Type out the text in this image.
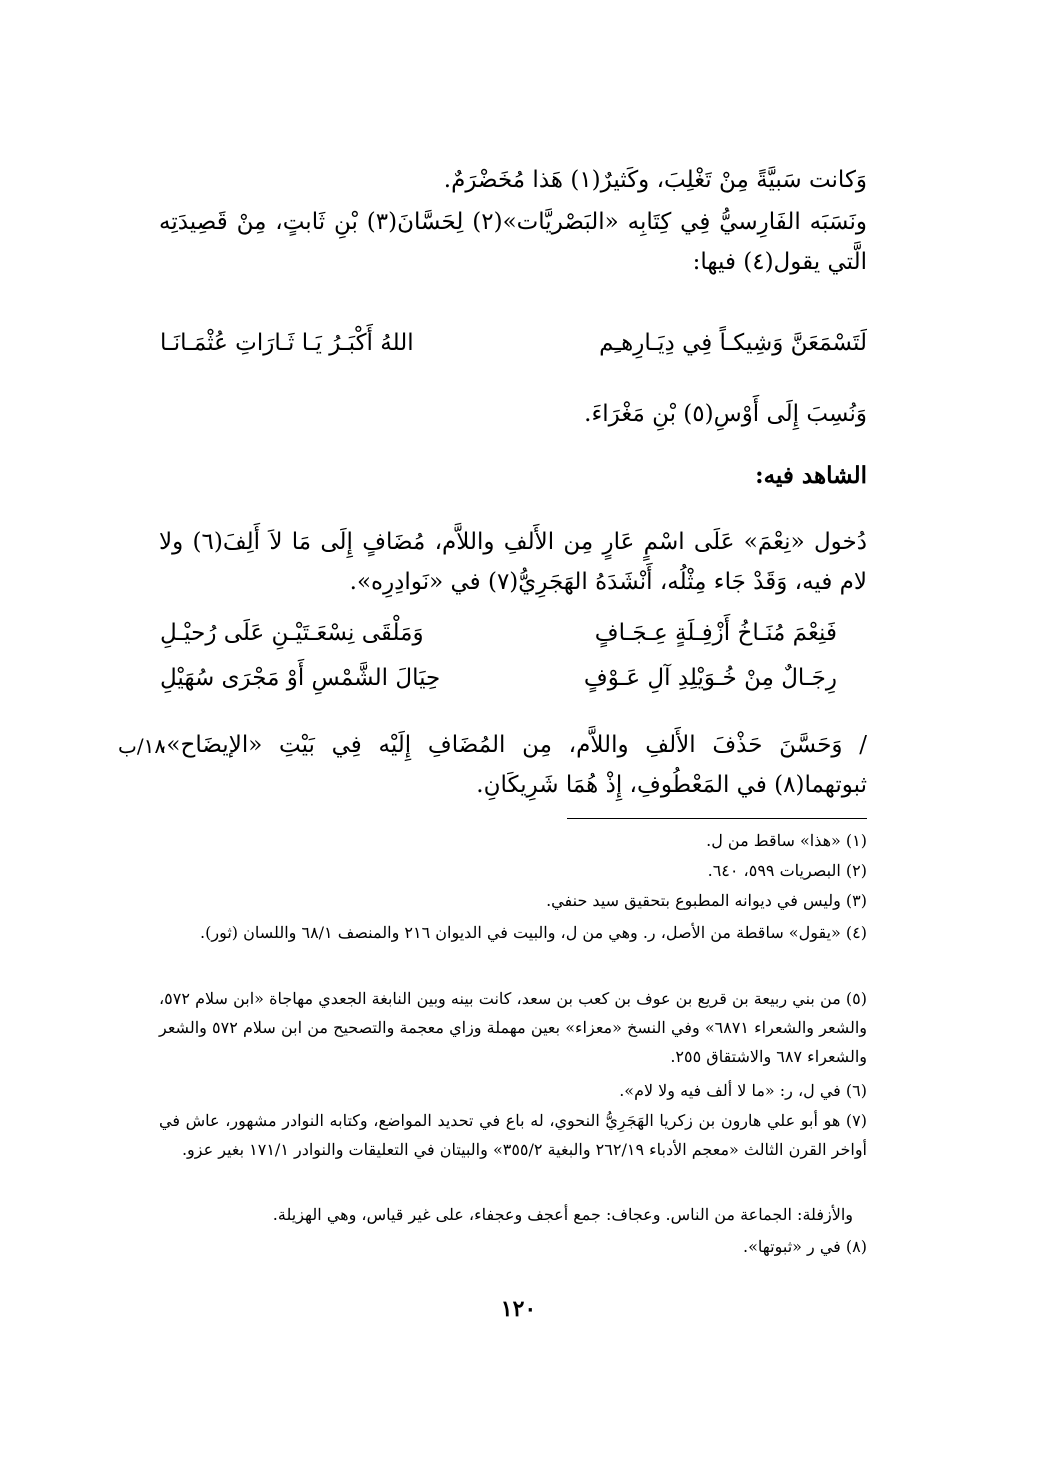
وَكانت سَبيَّةً مِنْ تَغْلِبَ، وكَثيرٌ(١) هَذا مُخَضْرَمٌ.

ونَسَبَه الفَارِسيُّ فِي كِتَابِه «البَصْريَّات»(٢) لِحَسَّانَ(٣) بْنِ ثَابتٍ، مِنْ قَصِيدَتِه الَّتي يقول(٤) فيها:

لَتَسْمَعَنَّ وَشِيكـاً فِي دِيَـارِهـِم

اللهُ أَكْبَـرُ يَـا ثَـارَاتِ عُثْمَـانَـا

وَنُسِبَ إِلَى أَوْسِ(٥) بْنِ مَغْرَاءَ.

الشاهد فيه:

دُخول «نِعْمَ» عَلَى اسْمٍ عَارٍ مِن الأَلفِ واللاَّم، مُضَافٍ إِلَى مَا لاَ أَلِفَ(٦) ولا لام فيه، وَقَدْ جَاء مِثْلُه، أَنْشَدَهُ الهَجَرِيُّ(٧) في «نَوادِرِه».

فَنِعْمَ مُنَـاخُ أَزْفِـلَةٍ عِـجَـافٍ

وَمَلْقَى نِسْعَـتَيْـنِ عَلَى رُحيْـلِ

رِجَـالٌ مِنْ خُـوَيْلِدِ آلِ عَـوْفٍ

حِيَالَ الشَّمْسِ أَوْ مَجْرَى سُهَيْلِ

١٨/ب

/ وَحَسَّنَ حَذْفَ الأَلفِ واللاَّم، مِن المُضَافِ إِلَيْه فِي بَيْتِ «الإيضَاح»، ثبوتهما(٨) في المَعْطُوفِ، إِذْ هُمَا شَرِيكَانِ.

(١) «هذا» ساقط من ل.

(٢) البصريات ٥٩٩، ٦٤٠.

(٣) وليس في ديوانه المطبوع بتحقيق سيد حنفي.

(٤) «يقول» ساقطة من الأصل، ر. وهي من ل، والبيت في الديوان ٢١٦ والمنصف ٦٨/١ واللسان (ثور).

(٥) من بني ربيعة بن قريع بن عوف بن كعب بن سعد، كانت بينه وبين النابغة الجعدي مهاجاة «ابن سلام ٥٧٢، والشعر والشعراء ٦٨٧١» وفي النسخ «معزاء» بعين مهملة وزاي معجمة والتصحيح من ابن سلام ٥٧٢ والشعر والشعراء ٦٨٧ والاشتقاق ٢٥٥.

(٦) في ل، ر: «ما لا ألف فيه ولا لام».

(٧) هو أبو علي هارون بن زكريا الهَجَرِيُّ النحوي، له باع في تحديد المواضع، وكتابه النوادر مشهور، عاش في أواخر القرن الثالث «معجم الأدباء ٢٦٢/١٩ والبغية ٣٥٥/٢» والبيتان في التعليقات والنوادر ١٧١/١ بغير عزو.

والأزفلة: الجماعة من الناس. وعجاف: جمع أعجف وعجفاء، على غير قياس، وهي الهزيلة.

(٨) في ر «ثبوتها».

١٢٠
